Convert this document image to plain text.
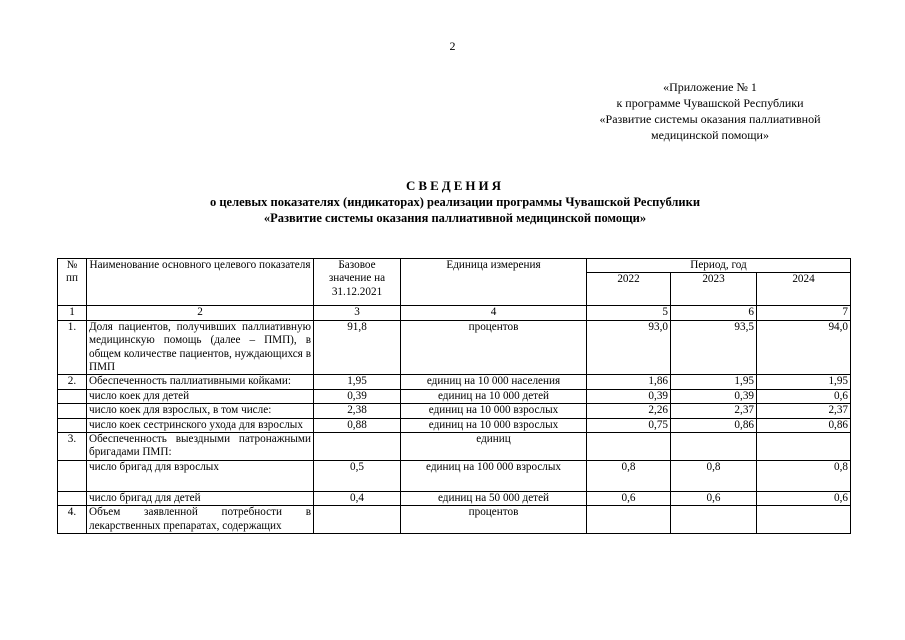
2
«Приложение № 1
к программе Чувашской Республики
«Развитие системы оказания паллиативной
медицинской помощи»
СВЕДЕНИЯ
о целевых показателях (индикаторах) реализации программы Чувашской Республики
«Развитие системы оказания паллиативной медицинской помощи»
№ пп	Наименование основного целевого показателя	Базовое значение на 31.12.2021	Единица измерения	Период, год		
				2022	2023	2024
1	2	3	4	5	6	7
1.	Доля пациентов, получивших паллиативную медицинскую помощь (далее – ПМП), в общем количестве пациентов, нуждающихся в ПМП	91,8	процентов	93,0	93,5	94,0
2.	Обеспеченность паллиативными койками:	1,95	единиц на 10 000 населения	1,86	1,95	1,95
	число коек для детей	0,39	единиц на 10 000 детей	0,39	0,39	0,6
	число коек для взрослых, в том числе:	2,38	единиц на 10 000 взрослых	2,26	2,37	2,37
	число коек сестринского ухода для взрослых	0,88	единиц на 10 000 взрослых	0,75	0,86	0,86
3.	Обеспеченность выездными патронажными бригадами ПМП:		единиц			
	число бригад для взрослых	0,5	единиц на 100 000 взрослых	0,8	0,8	0,8
	число бригад для детей	0,4	единиц на 50 000 детей	0,6	0,6	0,6
4.	Объем заявленной потребности в лекарственных препаратах, содержащих		процентов			
